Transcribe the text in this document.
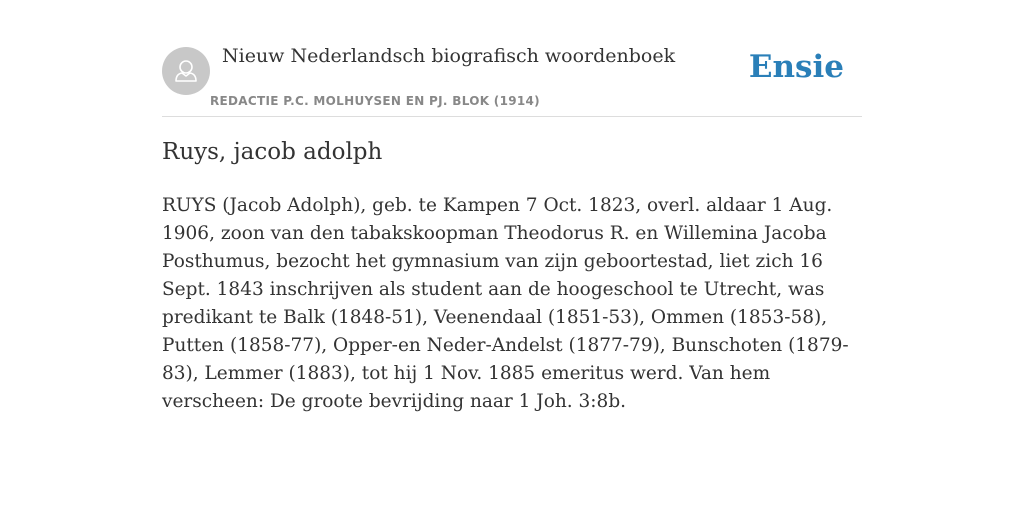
Nieuw Nederlandsch biografisch woordenboek
REDACTIE P.C. MOLHUYSEN EN PJ. BLOK (1914)
Ensie
Ruys, jacob adolph

RUYS (Jacob Adolph), geb. te Kampen 7 Oct. 1823, overl. aldaar 1 Aug. 1906, zoon van den tabakskoopman Theodorus R. en Willemina Jacoba Posthumus, bezocht het gymnasium van zijn geboortestad, liet zich 16 Sept. 1843 inschrijven als student aan de hoogeschool te Utrecht, was predikant te Balk (1848-51), Veenendaal (1851-53), Ommen (1853-58), Putten (1858-77), Opper-en Neder-Andelst (1877-79), Bunschoten (1879-83), Lemmer (1883), tot hij 1 Nov. 1885 emeritus werd. Van hem verscheen: De groote bevrijding naar 1 Joh. 3:8b.
